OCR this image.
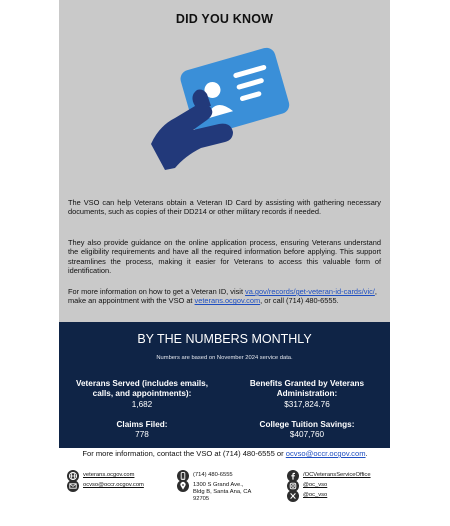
DID YOU KNOW

The VSO can help Veterans obtain a Veteran ID Card by assisting with gathering necessary documents, such as copies of their DD214 or other military records if needed.

They also provide guidance on the online application process, ensuring Veterans understand the eligibility requirements and have all the required information before applying. This support streamlines the process, making it easier for Veterans to access this valuable form of identification.

For more information on how to get a Veteran ID, visit va.gov/records/get-veteran-id-cards/vic/, make an appointment with the VSO at veterans.ocgov.com, or call (714) 480-6555.

BY THE NUMBERS MONTHLY
Numbers are based on November 2024 service data.
Veterans Served (includes emails, calls, and appointments):
1,682
Benefits Granted by Veterans Administration:
$317,824.76
Claims Filed:
778
College Tuition Savings:
$407,760
For more information, contact the VSO at (714) 480-6555 or ocvso@occr.ocgov.com.
veterans.ocgov.com
ocvso@occr.ocgov.com
(714) 480-6555
1300 S Grand Ave.,
Bldg B, Santa Ana, CA
92705
/OCVeteransServiceOffice
@oc_vso
@oc_vso
